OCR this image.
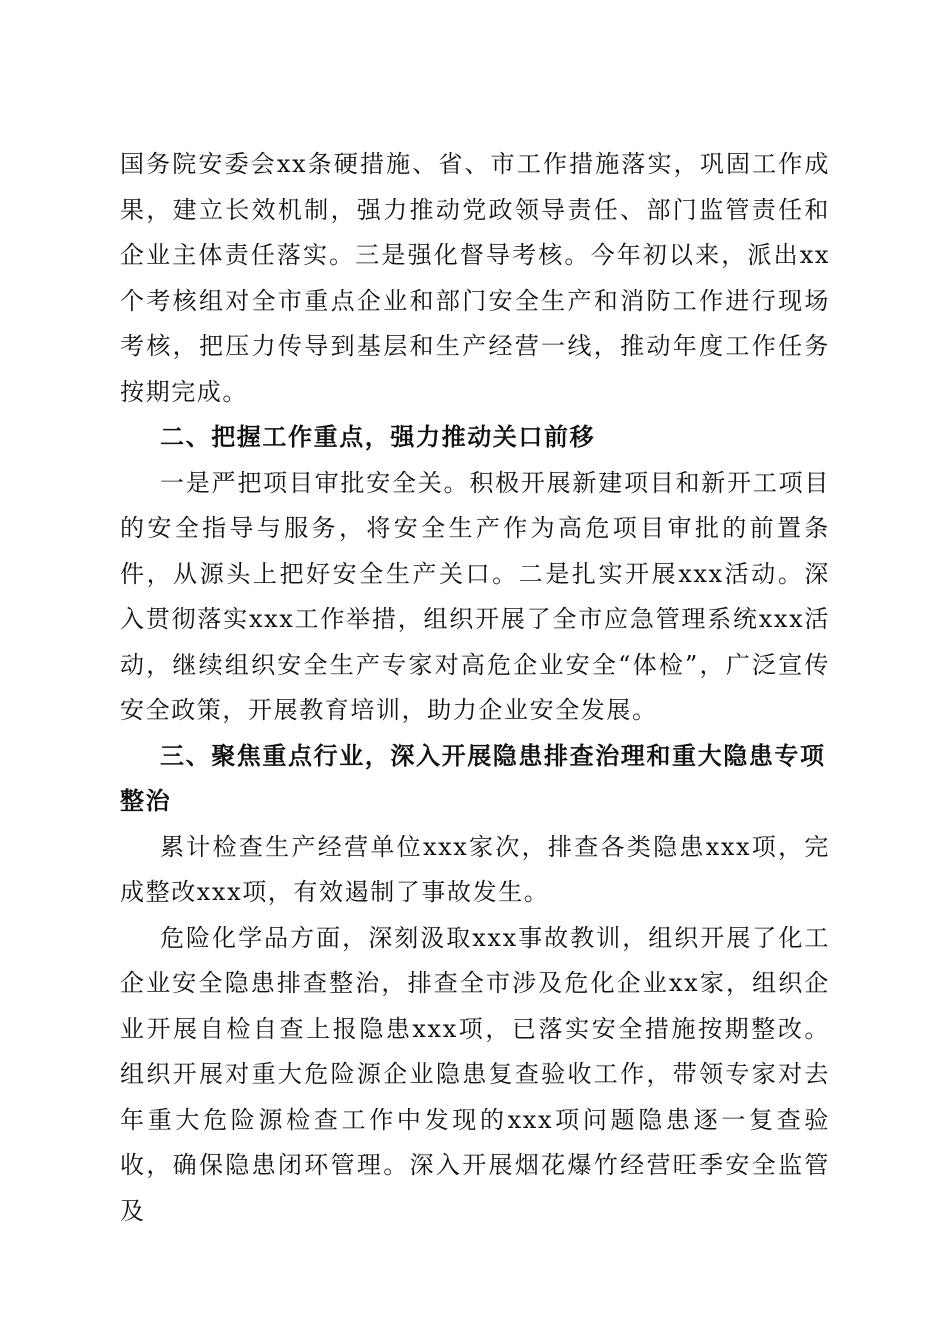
国务院安委会xx条硬措施、省、市工作措施落实，巩固工作成果，建立长效机制，强力推动党政领导责任、部门监管责任和企业主体责任落实。三是强化督导考核。今年初以来，派出xx个考核组对全市重点企业和部门安全生产和消防工作进行现场考核，把压力传导到基层和生产经营一线，推动年度工作任务按期完成。

二、把握工作重点，强力推动关口前移

一是严把项目审批安全关。积极开展新建项目和新开工项目的安全指导与服务，将安全生产作为高危项目审批的前置条件，从源头上把好安全生产关口。二是扎实开展xxx活动。深入贯彻落实xxx工作举措，组织开展了全市应急管理系统xxx活动，继续组织安全生产专家对高危企业安全“体检”，广泛宣传安全政策，开展教育培训，助力企业安全发展。

三、聚焦重点行业，深入开展隐患排查治理和重大隐患专项整治

累计检查生产经营单位xxx家次，排查各类隐患xxx项，完成整改xxx项，有效遏制了事故发生。

危险化学品方面，深刻汲取xxx事故教训，组织开展了化工企业安全隐患排查整治，排查全市涉及危化企业xx家，组织企业开展自检自查上报隐患xxx项，已落实安全措施按期整改。组织开展对重大危险源企业隐患复查验收工作，带领专家对去年重大危险源检查工作中发现的xxx项问题隐患逐一复查验收，确保隐患闭环管理。深入开展烟花爆竹经营旺季安全监管及
